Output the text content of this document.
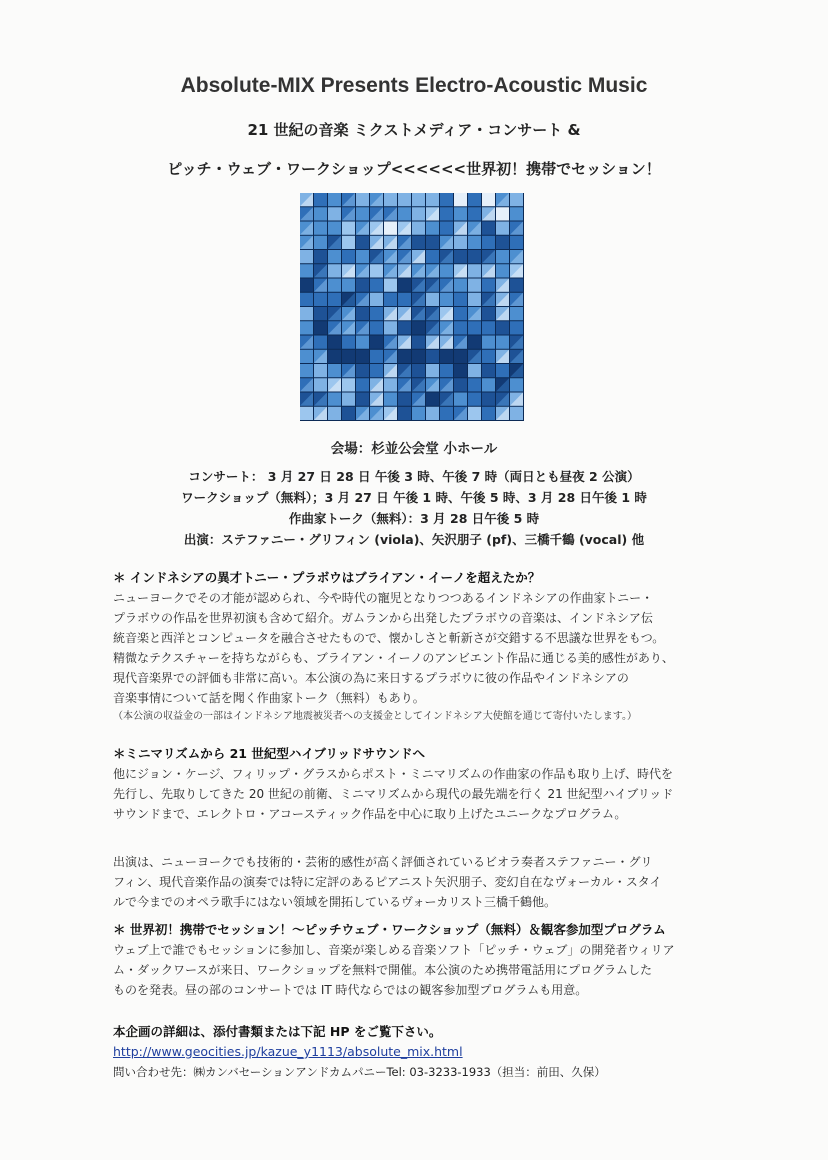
Absolute-MIX Presents Electro-Acoustic Music
21 世紀の音楽 ミクストメディア・コンサート &
ピッチ・ウェブ・ワークショップ<<<<<<世界初！携帯でセッション！
会場：杉並公会堂 小ホール
コンサート： 3 月 27 日 28 日 午後 3 時、午後 7 時（両日とも昼夜 2 公演）
ワークショップ（無料）；3 月 27 日 午後 1 時、午後 5 時、3 月 28 日午後 1 時
作曲家トーク（無料）：3 月 28 日午後 5 時
出演：ステファニー・グリフィン (viola)、矢沢朋子 (pf)、三橋千鶴 (vocal) 他
＊ インドネシアの異才トニー・プラボウはブライアン・イーノを超えたか？

ニューヨークでその才能が認められ、今や時代の寵児となりつつあるインドネシアの作曲家トニー・
プラボウの作品を世界初演も含めて紹介。ガムランから出発したプラボウの音楽は、インドネシア伝
統音楽と西洋とコンピュータを融合させたもので、懐かしさと斬新さが交錯する不思議な世界をもつ。
精微なテクスチャーを持ちながらも、ブライアン・イーノのアンビエント作品に通じる美的感性があり、
現代音楽界での評価も非常に高い。本公演の為に来日するプラボウに彼の作品やインドネシアの
音楽事情について話を聞く作曲家トーク（無料）もあり。

（本公演の収益金の一部はインドネシア地震被災者への支援金としてインドネシア大使館を通じて寄付いたします。）
＊ミニマリズムから 21 世紀型ハイブリッドサウンドへ

他にジョン・ケージ、フィリップ・グラスからポスト・ミニマリズムの作曲家の作品も取り上げ、時代を
先行し、先取りしてきた 20 世紀の前衛、ミニマリズムから現代の最先端を行く 21 世紀型ハイブリッド
サウンドまで、エレクトロ・アコースティック作品を中心に取り上げたユニークなプログラム。

出演は、ニューヨークでも技術的・芸術的感性が高く評価されているビオラ奏者ステファニー・グリ
フィン、現代音楽作品の演奏では特に定評のあるピアニスト矢沢朋子、変幻自在なヴォーカル・スタイ
ルで今までのオペラ歌手にはない領域を開拓しているヴォーカリスト三橋千鶴他。

＊ 世界初！携帯でセッション！～ピッチウェブ・ワークショップ（無料）＆観客参加型プログラム

ウェブ上で誰でもセッションに参加し、音楽が楽しめる音楽ソフト「ピッチ・ウェブ」の開発者ウィリア
ム・ダックワースが来日、ワークショップを無料で開催。本公演のため携帯電話用にプログラムした
ものを発表。昼の部のコンサートでは IT 時代ならではの観客参加型プログラムも用意。

本企画の詳細は、添付書類または下記 HP をご覧下さい。
http://www.geocities.jp/kazue_y1113/absolute_mix.html
問い合わせ先：㈱カンバセーションアンドカムパニーTel: 03-3233-1933（担当：前田、久保）
